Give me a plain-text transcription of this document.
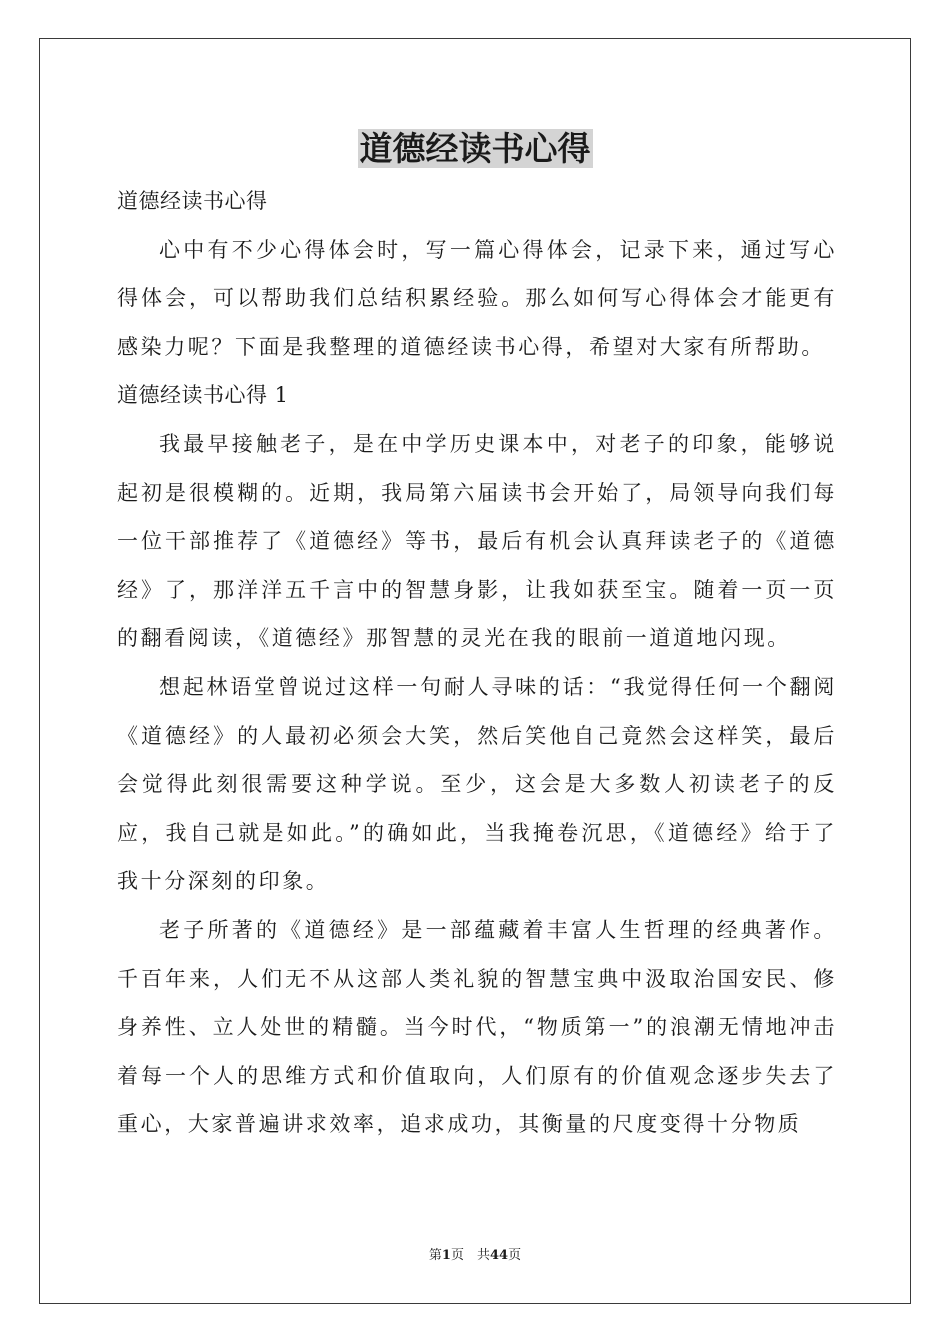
道德经读书心得

道德经读书心得

心中有不少心得体会时，写一篇心得体会，记录下来，通过写心得体会，可以帮助我们总结积累经验。那么如何写心得体会才能更有感染力呢？下面是我整理的道德经读书心得，希望对大家有所帮助。

道德经读书心得 1

我最早接触老子，是在中学历史课本中，对老子的印象，能够说起初是很模糊的。近期，我局第六届读书会开始了，局领导向我们每一位干部推荐了《道德经》等书，最后有机会认真拜读老子的《道德经》了，那洋洋五千言中的智慧身影，让我如获至宝。随着一页一页的翻看阅读，《道德经》那智慧的灵光在我的眼前一道道地闪现。

想起林语堂曾说过这样一句耐人寻味的话：“我觉得任何一个翻阅《道德经》的人最初必须会大笑，然后笑他自己竟然会这样笑，最后会觉得此刻很需要这种学说。至少，这会是大多数人初读老子的反应，我自己就是如此。”的确如此，当我掩卷沉思，《道德经》给于了我十分深刻的印象。

老子所著的《道德经》是一部蕴藏着丰富人生哲理的经典著作。千百年来，人们无不从这部人类礼貌的智慧宝典中汲取治国安民、修身养性、立人处世的精髓。当今时代，“物质第一”的浪潮无情地冲击着每一个人的思维方式和价值取向，人们原有的价值观念逐步失去了重心，大家普遍讲求效率，追求成功，其衡量的尺度变得十分物质

第1页　共44页
